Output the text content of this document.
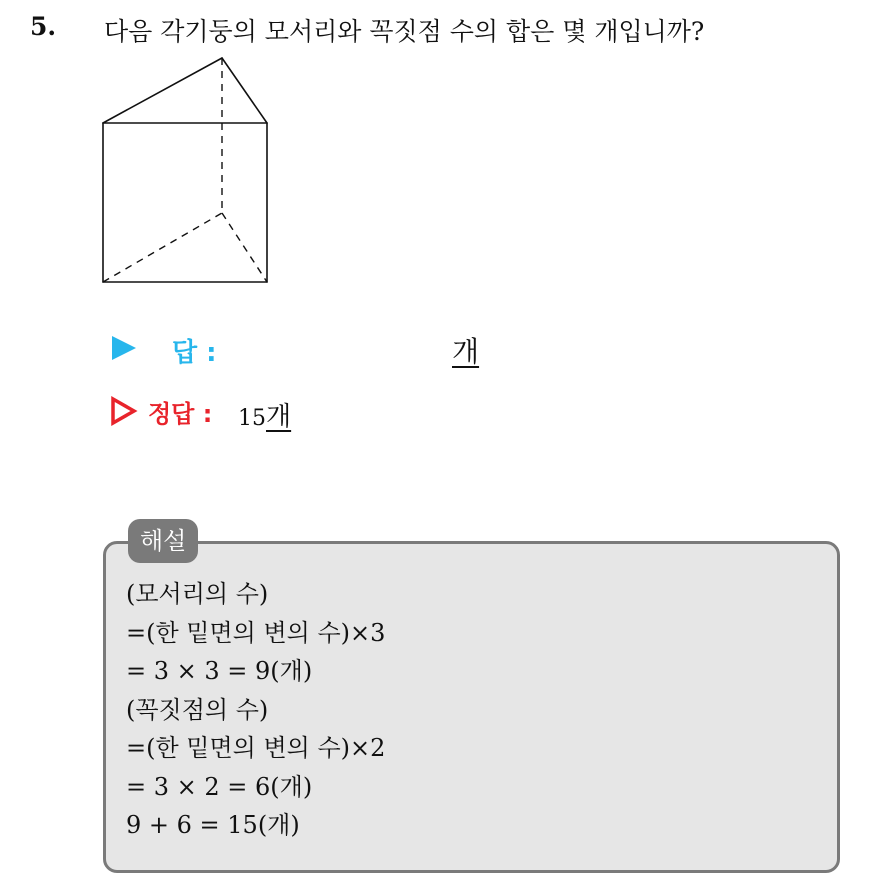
5. 다음 각기둥의 모서리와 꼭짓점 수의 합은 몇 개입니까?
답 :	개
정답 : 15개
해설
(모서리의 수)
=(한 밑면의 변의 수)×3
= 3 × 3 = 9(개)
(꼭짓점의 수)
=(한 밑면의 변의 수)×2
= 3 × 2 = 6(개)
9 + 6 = 15(개)
